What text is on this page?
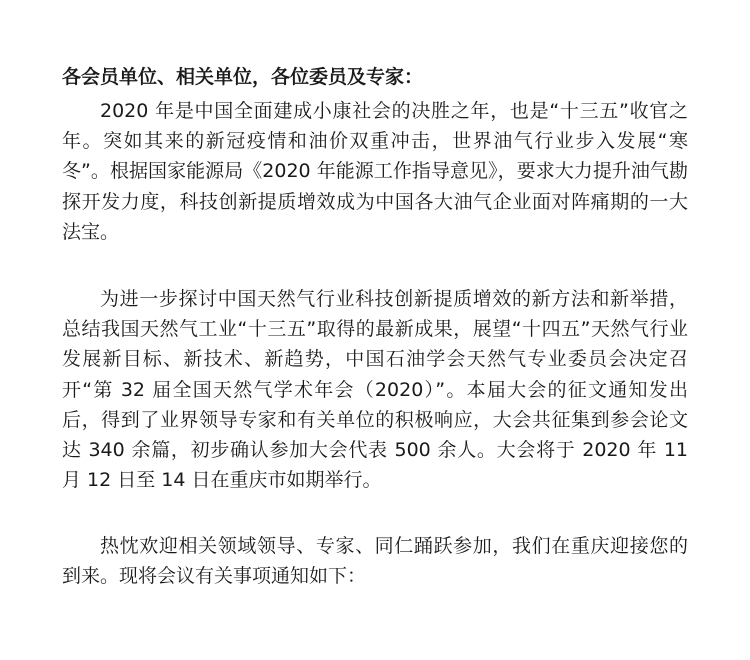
各会员单位、相关单位，各位委员及专家：

2020 年是中国全面建成小康社会的决胜之年，也是“十三五”收官之年。突如其来的新冠疫情和油价双重冲击，世界油气行业步入发展“寒冬”。根据国家能源局《2020 年能源工作指导意见》，要求大力提升油气勘探开发力度，科技创新提质增效成为中国各大油气企业面对阵痛期的一大法宝。

为进一步探讨中国天然气行业科技创新提质增效的新方法和新举措，总结我国天然气工业“十三五”取得的最新成果，展望“十四五”天然气行业发展新目标、新技术、新趋势，中国石油学会天然气专业委员会决定召开“第 32 届全国天然气学术年会（2020）”。本届大会的征文通知发出后，得到了业界领导专家和有关单位的积极响应，大会共征集到参会论文达 340 余篇，初步确认参加大会代表 500 余人。大会将于 2020 年 11 月 12 日至 14 日在重庆市如期举行。

热忱欢迎相关领域领导、专家、同仁踊跃参加，我们在重庆迎接您的到来。现将会议有关事项通知如下：
